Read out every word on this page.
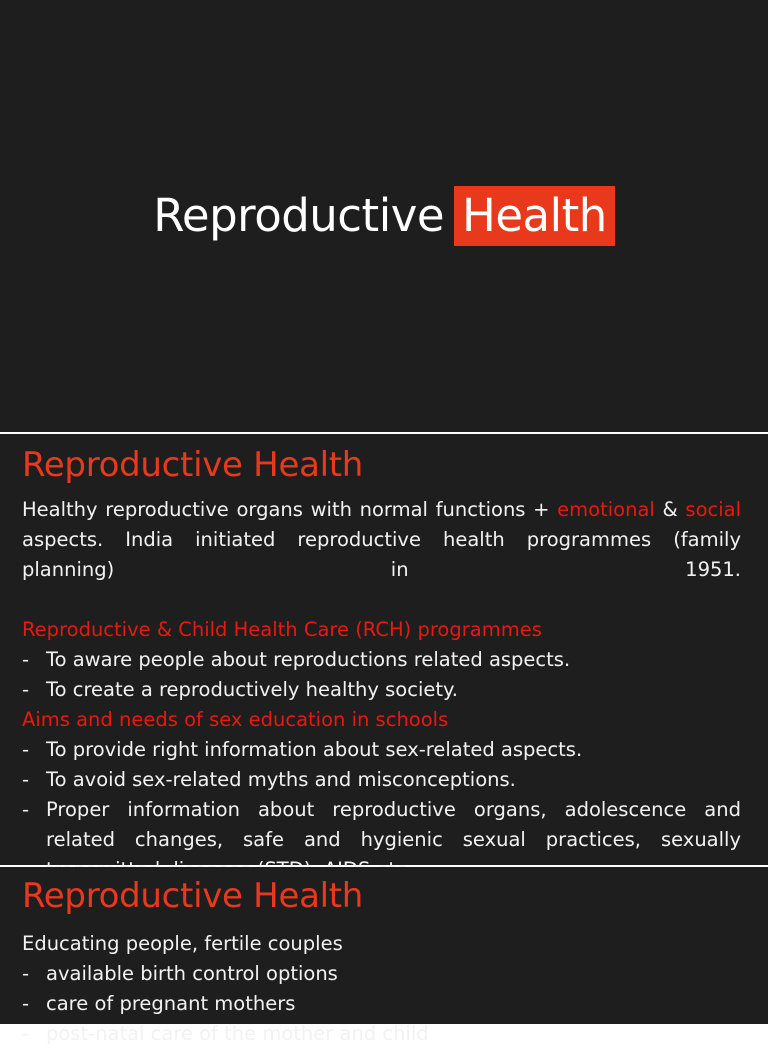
Reproductive Health
Reproductive Health

Healthy reproductive organs with normal functions + emotional & social aspects. India initiated reproductive health programmes (family planning) in 1951.

Reproductive & Child Health Care (RCH) programmes
- To aware people about reproductions related aspects.
- To create a reproductively healthy society.
Aims and needs of sex education in schools
- To provide right information about sex-related aspects.
- To avoid sex-related myths and misconceptions.
- Proper information about reproductive organs, adolescence and related changes, safe and hygienic sexual practices, sexually
Reproductive Health
Educating people, fertile couples
- available birth control options
- care of pregnant mothers
- post-natal care of the mother and child
